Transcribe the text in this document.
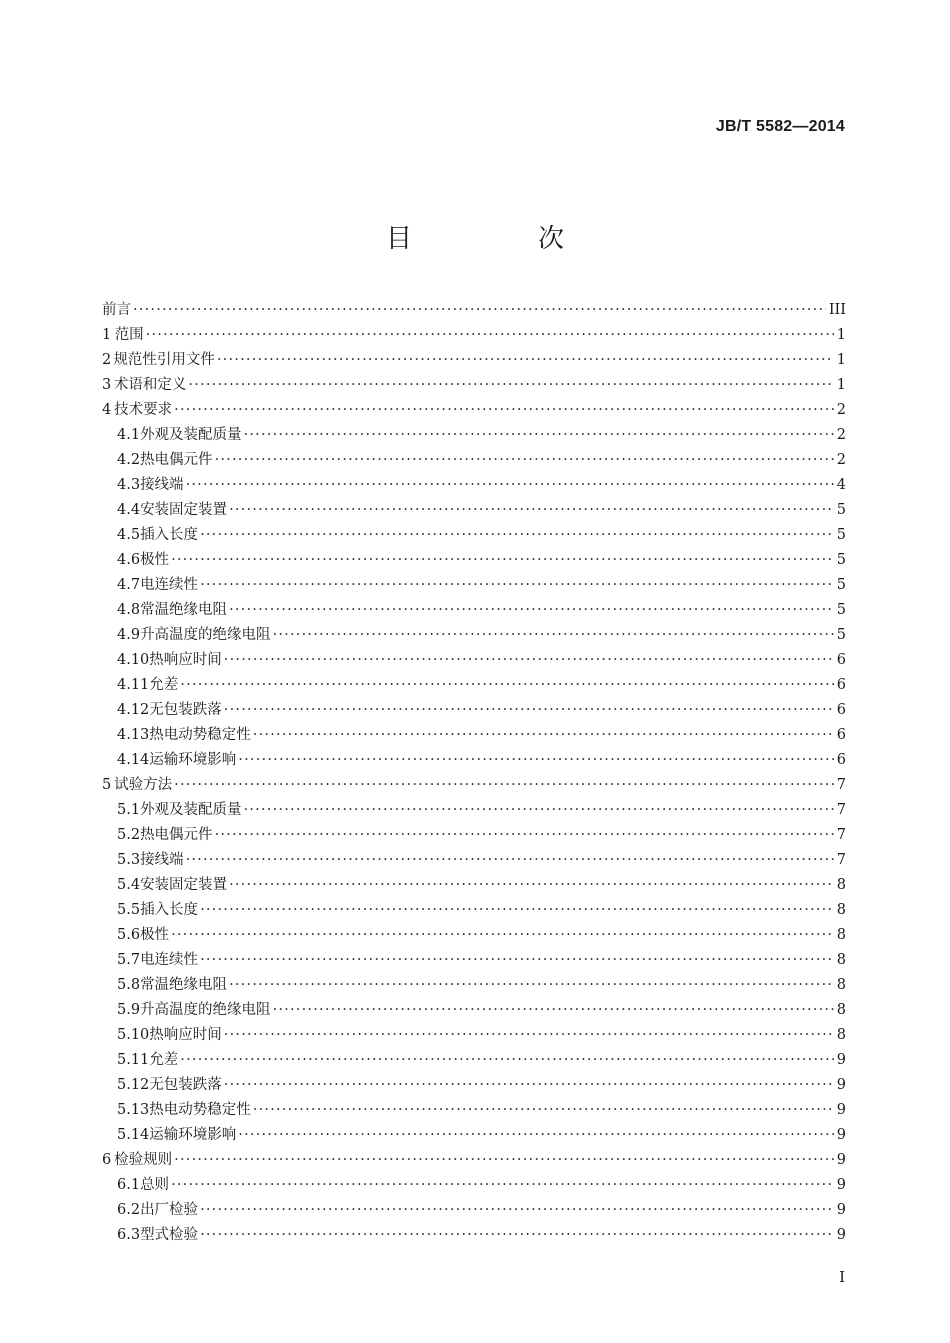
JB/T 5582—2014
目　次
前言 ·····	III
1 范围 ·····	1
2 规范性引用文件 ·····	1
3 术语和定义 ·····	1
4 技术要求 ·····	2
4.1 外观及装配质量 ·····	2
4.2 热电偶元件 ·····	2
4.3 接线端 ·····	4
4.4 安装固定装置 ·····	5
4.5 插入长度 ·····	5
4.6 极性 ·····	5
4.7 电连续性 ·····	5
4.8 常温绝缘电阻 ·····	5
4.9 升高温度的绝缘电阻 ·····	5
4.10 热响应时间 ·····	6
4.11 允差 ·····	6
4.12 无包装跌落 ·····	6
4.13 热电动势稳定性 ·····	6
4.14 运输环境影响 ·····	6
5 试验方法 ·····	7
5.1 外观及装配质量 ·····	7
5.2 热电偶元件 ·····	7
5.3 接线端 ·····	7
5.4 安装固定装置 ·····	8
5.5 插入长度 ·····	8
5.6 极性 ·····	8
5.7 电连续性 ·····	8
5.8 常温绝缘电阻 ·····	8
5.9 升高温度的绝缘电阻 ·····	8
5.10 热响应时间 ·····	8
5.11 允差 ·····	9
5.12 无包装跌落 ·····	9
5.13 热电动势稳定性 ·····	9
5.14 运输环境影响 ·····	9
6 检验规则 ·····	9
6.1 总则 ·····	9
6.2 出厂检验 ·····	9
6.3 型式检验 ·····	9
I
